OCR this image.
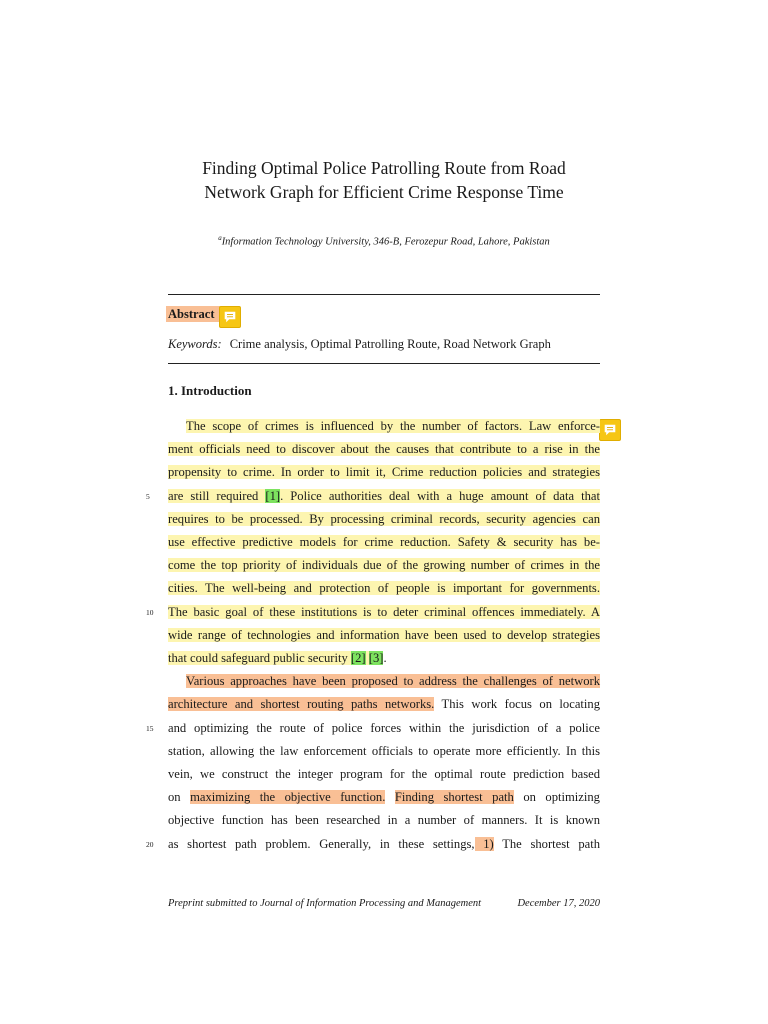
Finding Optimal Police Patrolling Route from Road
Network Graph for Efficient Crime Response Time
$^a$Information Technology University, 346-B, Ferozepur Road, Lahore, Pakistan
Abstract
Keywords: Crime analysis, Optimal Patrolling Route, Road Network Graph
1. Introduction
The scope of crimes is influenced by the number of factors. Law enforce-
ment officials need to discover about the causes that contribute to a rise in the
propensity to crime. In order to limit it, Crime reduction policies and strategies
are still required [1]. Police authorities deal with a huge amount of data that
requires to be processed. By processing criminal records, security agencies can
use effective predictive models for crime reduction. Safety & security has be-
come the top priority of individuals due of the growing number of crimes in the
cities. The well-being and protection of people is important for governments.
The basic goal of these institutions is to deter criminal offences immediately. A
wide range of technologies and information have been used to develop strategies
that could safeguard public security [2] [3].
Various approaches have been proposed to address the challenges of network
architecture and shortest routing paths networks. This work focus on locating
and optimizing the route of police forces within the jurisdiction of a police
station, allowing the law enforcement officials to operate more efficiently. In this
vein, we construct the integer program for the optimal route prediction based
on maximizing the objective function. Finding shortest path on optimizing
objective function has been researched in a number of manners. It is known
as shortest path problem. Generally, in these settings, 1) The shortest path
5
10
15
20
Preprint submitted to Journal of Information Processing and Management	December 17, 2020
